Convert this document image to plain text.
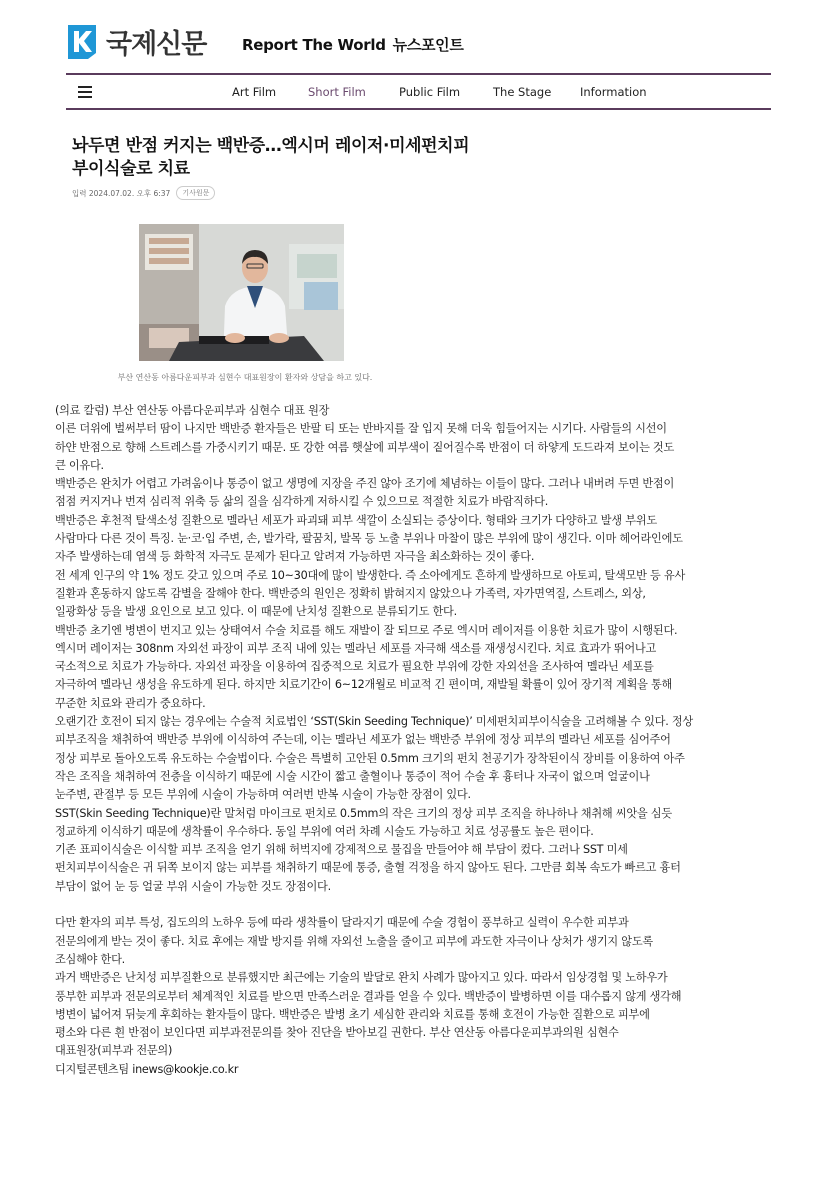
국제신문 Report The World 뉴스포인트
Art Film	Short Film	Public Film	The Stage Information
놔두면 반점 커지는 백반증…엑시머 레이저·미세펀치피
부이식술로 치료
입력 2024.07.02. 오후 6:37	기사원문
부산 연산동 아름다운피부과 심현수 대표원장이 환자와 상담을 하고 있다.
(의료 칼럼) 부산 연산동 아름다운피부과 심현수 대표 원장
이른 더위에 벌써부터 땀이 나지만 백반증 환자들은 반팔 티 또는 반바지를 잘 입지 못해 더욱 힘들어지는 시기다. 사람들의 시선이
하얀 반점으로 향해 스트레스를 가중시키기 때문. 또 강한 여름 햇살에 피부색이 짙어질수록 반점이 더 하얗게 도드라져 보이는 것도
큰 이유다.
백반증은 완치가 어렵고 가려움이나 통증이 없고 생명에 지장을 주진 않아 조기에 체념하는 이들이 많다. 그러나 내버려 두면 반점이
점점 커지거나 번져 심리적 위축 등 삶의 질을 심각하게 저하시킬 수 있으므로 적절한 치료가 바람직하다.
백반증은 후천적 탈색소성 질환으로 멜라닌 세포가 파괴돼 피부 색깔이 소실되는 증상이다. 형태와 크기가 다양하고 발생 부위도
사람마다 다른 것이 특징. 눈·코·입 주변, 손, 발가락, 팔꿈치, 발목 등 노출 부위나 마찰이 많은 부위에 많이 생긴다. 이마 헤어라인에도
자주 발생하는데 염색 등 화학적 자극도 문제가 된다고 알려져 가능하면 자극을 최소화하는 것이 좋다.
전 세계 인구의 약 1% 정도 갖고 있으며 주로 10~30대에 많이 발생한다. 즉 소아에게도 흔하게 발생하므로 아토피, 탈색모반 등 유사
질환과 혼동하지 않도록 감별을 잘해야 한다. 백반증의 원인은 정확히 밝혀지지 않았으나 가족력, 자가면역질, 스트레스, 외상,
일광화상 등을 발생 요인으로 보고 있다. 이 때문에 난치성 질환으로 분류되기도 한다.
백반증 초기엔 병변이 번지고 있는 상태여서 수술 치료를 해도 재발이 잘 되므로 주로 엑시머 레이저를 이용한 치료가 많이 시행된다.
엑시머 레이저는 308nm 자외선 파장이 피부 조직 내에 있는 멜라닌 세포를 자극해 색소를 재생성시킨다. 치료 효과가 뛰어나고
국소적으로 치료가 가능하다. 자외선 파장을 이용하여 집중적으로 치료가 필요한 부위에 강한 자외선을 조사하여 멜라닌 세포를
자극하여 멜라닌 생성을 유도하게 된다. 하지만 치료기간이 6~12개월로 비교적 긴 편이며, 재발될 확률이 있어 장기적 계획을 통해
꾸준한 치료와 관리가 중요하다.
오랜기간 호전이 되지 않는 경우에는 수술적 치료법인 ‘SST(Skin Seeding Technique)’ 미세펀치피부이식술을 고려해볼 수 있다. 정상
피부조직을 채취하여 백반증 부위에 이식하여 주는데, 이는 멜라닌 세포가 없는 백반증 부위에 정상 피부의 멜라닌 세포를 심어주어
정상 피부로 돌아오도록 유도하는 수술법이다. 수술은 특별히 고안된 0.5mm 크기의 펀치 천공기가 장착된이식 장비를 이용하여 아주
작은 조직을 채취하여 전층을 이식하기 때문에 시술 시간이 짧고 출혈이나 통증이 적어 수술 후 흉터나 자국이 없으며 얼굴이나
눈주변, 관절부 등 모든 부위에 시술이 가능하며 여러번 반복 시술이 가능한 장점이 있다.
SST(Skin Seeding Technique)란 말처럼 마이크로 펀치로 0.5mm의 작은 크기의 정상 피부 조직을 하나하나 채취해 씨앗을 심듯
정교하게 이식하기 때문에 생착률이 우수하다. 동일 부위에 여러 차례 시술도 가능하고 치료 성공률도 높은 편이다.
기존 표피이식술은 이식할 피부 조직을 얻기 위해 허벅지에 강제적으로 물집을 만들어야 해 부담이 컸다. 그러나 SST 미세
펀치피부이식술은 귀 뒤쪽 보이지 않는 피부를 채취하기 때문에 통증, 출혈 걱정을 하지 않아도 된다. 그만큼 회복 속도가 빠르고 흉터
부담이 없어 눈 등 얼굴 부위 시술이 가능한 것도 장점이다.
다만 환자의 피부 특성, 집도의의 노하우 등에 따라 생착률이 달라지기 때문에 수술 경험이 풍부하고 실력이 우수한 피부과
전문의에게 받는 것이 좋다. 치료 후에는 재발 방지를 위해 자외선 노출을 줄이고 피부에 과도한 자극이나 상처가 생기지 않도록
조심해야 한다.
과거 백반증은 난치성 피부질환으로 분류했지만 최근에는 기술의 발달로 완치 사례가 많아지고 있다. 따라서 임상경험 및 노하우가
풍부한 피부과 전문의로부터 체계적인 치료를 받으면 만족스러운 결과를 얻을 수 있다. 백반증이 발병하면 이를 대수롭지 않게 생각해
병변이 넓어져 뒤늦게 후회하는 환자들이 많다. 백반증은 발병 초기 세심한 관리와 치료를 통해 호전이 가능한 질환으로 피부에
평소와 다른 흰 반점이 보인다면 피부과전문의를 찾아 진단을 받아보길 권한다. 부산 연산동 아름다운피부과의원 심현수
대표원장(피부과 전문의)
디지털콘텐츠팀 inews@kookje.co.kr
